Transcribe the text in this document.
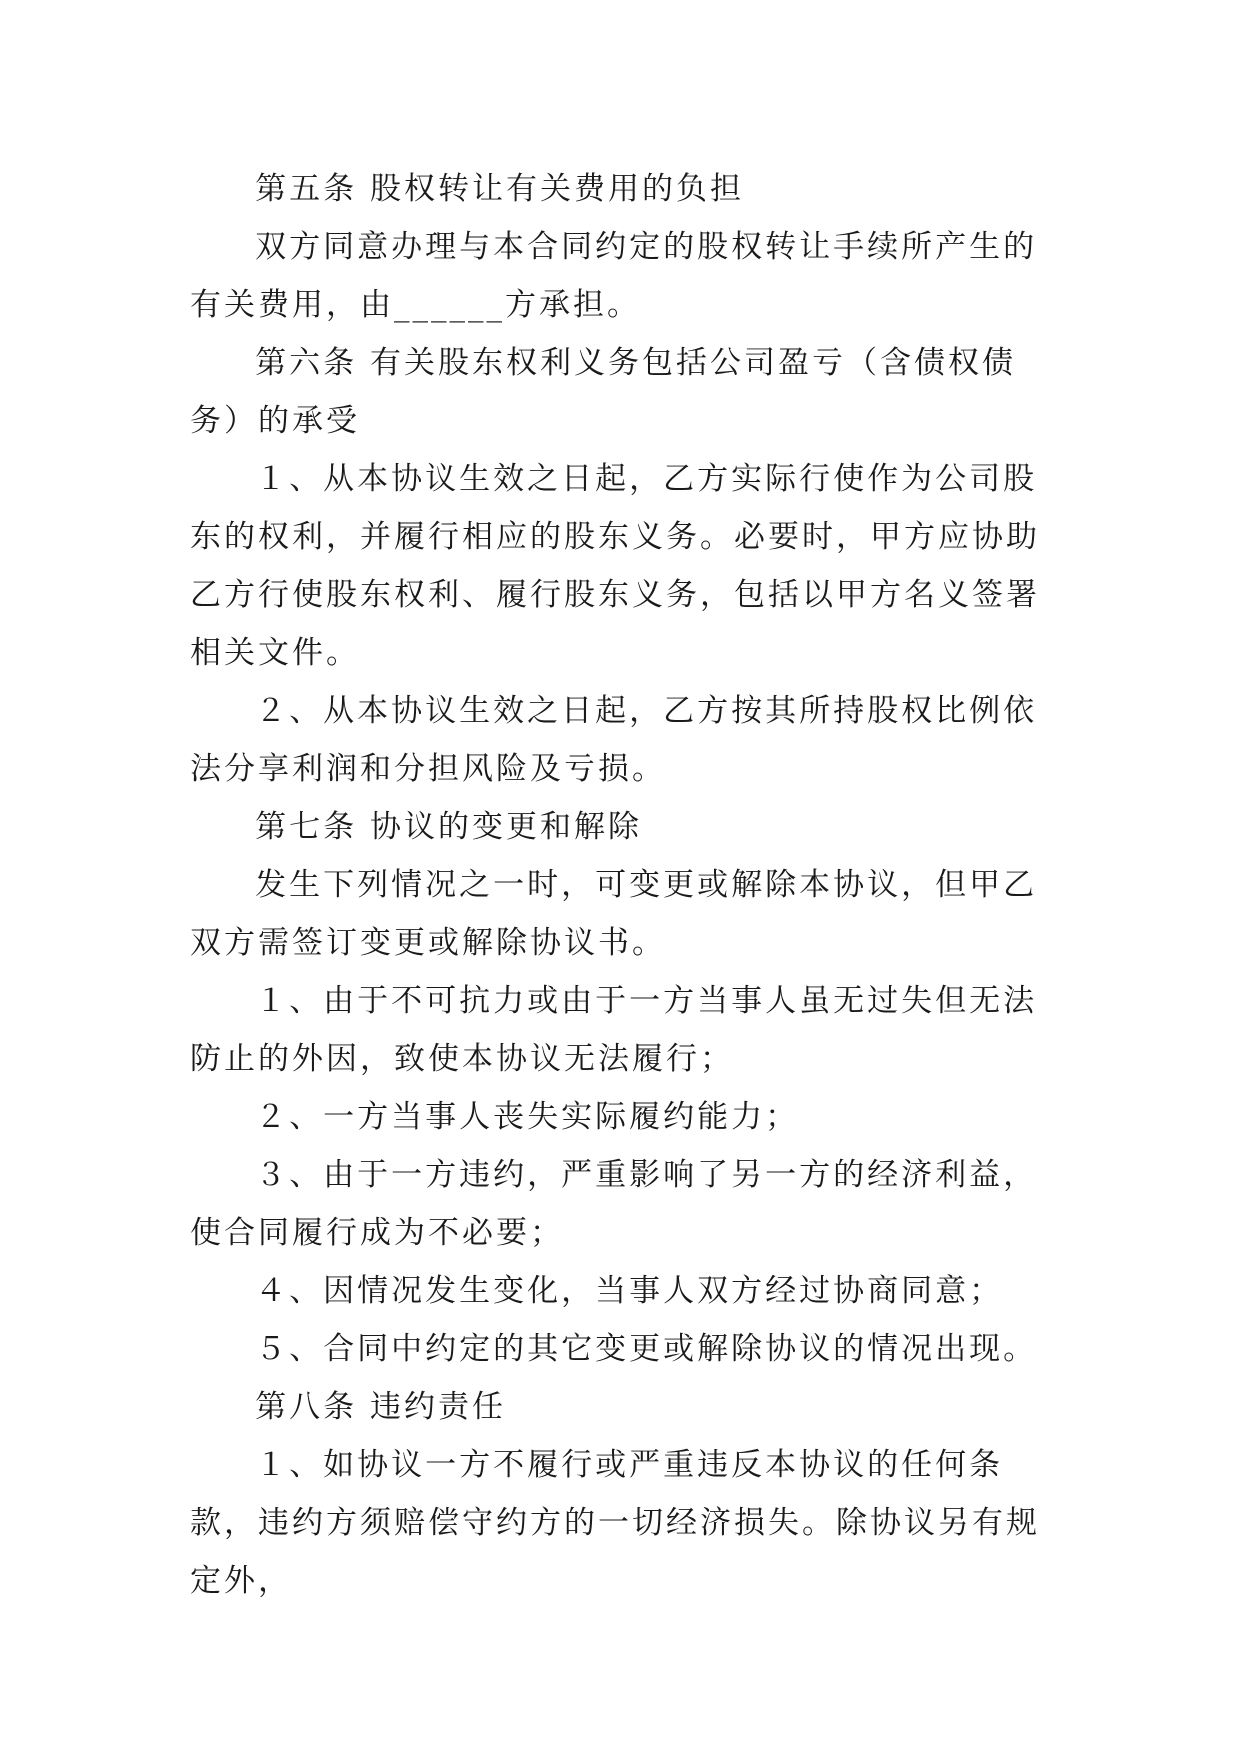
第五条 股权转让有关费用的负担

双方同意办理与本合同约定的股权转让手续所产生的有关费用，由______方承担。

第六条 有关股东权利义务包括公司盈亏（含债权债务）的承受

１、从本协议生效之日起，乙方实际行使作为公司股东的权利，并履行相应的股东义务。必要时，甲方应协助乙方行使股东权利、履行股东义务，包括以甲方名义签署相关文件。

２、从本协议生效之日起，乙方按其所持股权比例依法分享利润和分担风险及亏损。

第七条 协议的变更和解除

发生下列情况之一时，可变更或解除本协议，但甲乙双方需签订变更或解除协议书。

１、由于不可抗力或由于一方当事人虽无过失但无法防止的外因，致使本协议无法履行；

２、一方当事人丧失实际履约能力；

３、由于一方违约，严重影响了另一方的经济利益，使合同履行成为不必要；

４、因情况发生变化，当事人双方经过协商同意；

５、合同中约定的其它变更或解除协议的情况出现。

第八条 违约责任

１、如协议一方不履行或严重违反本协议的任何条款，违约方须赔偿守约方的一切经济损失。除协议另有规定外，
